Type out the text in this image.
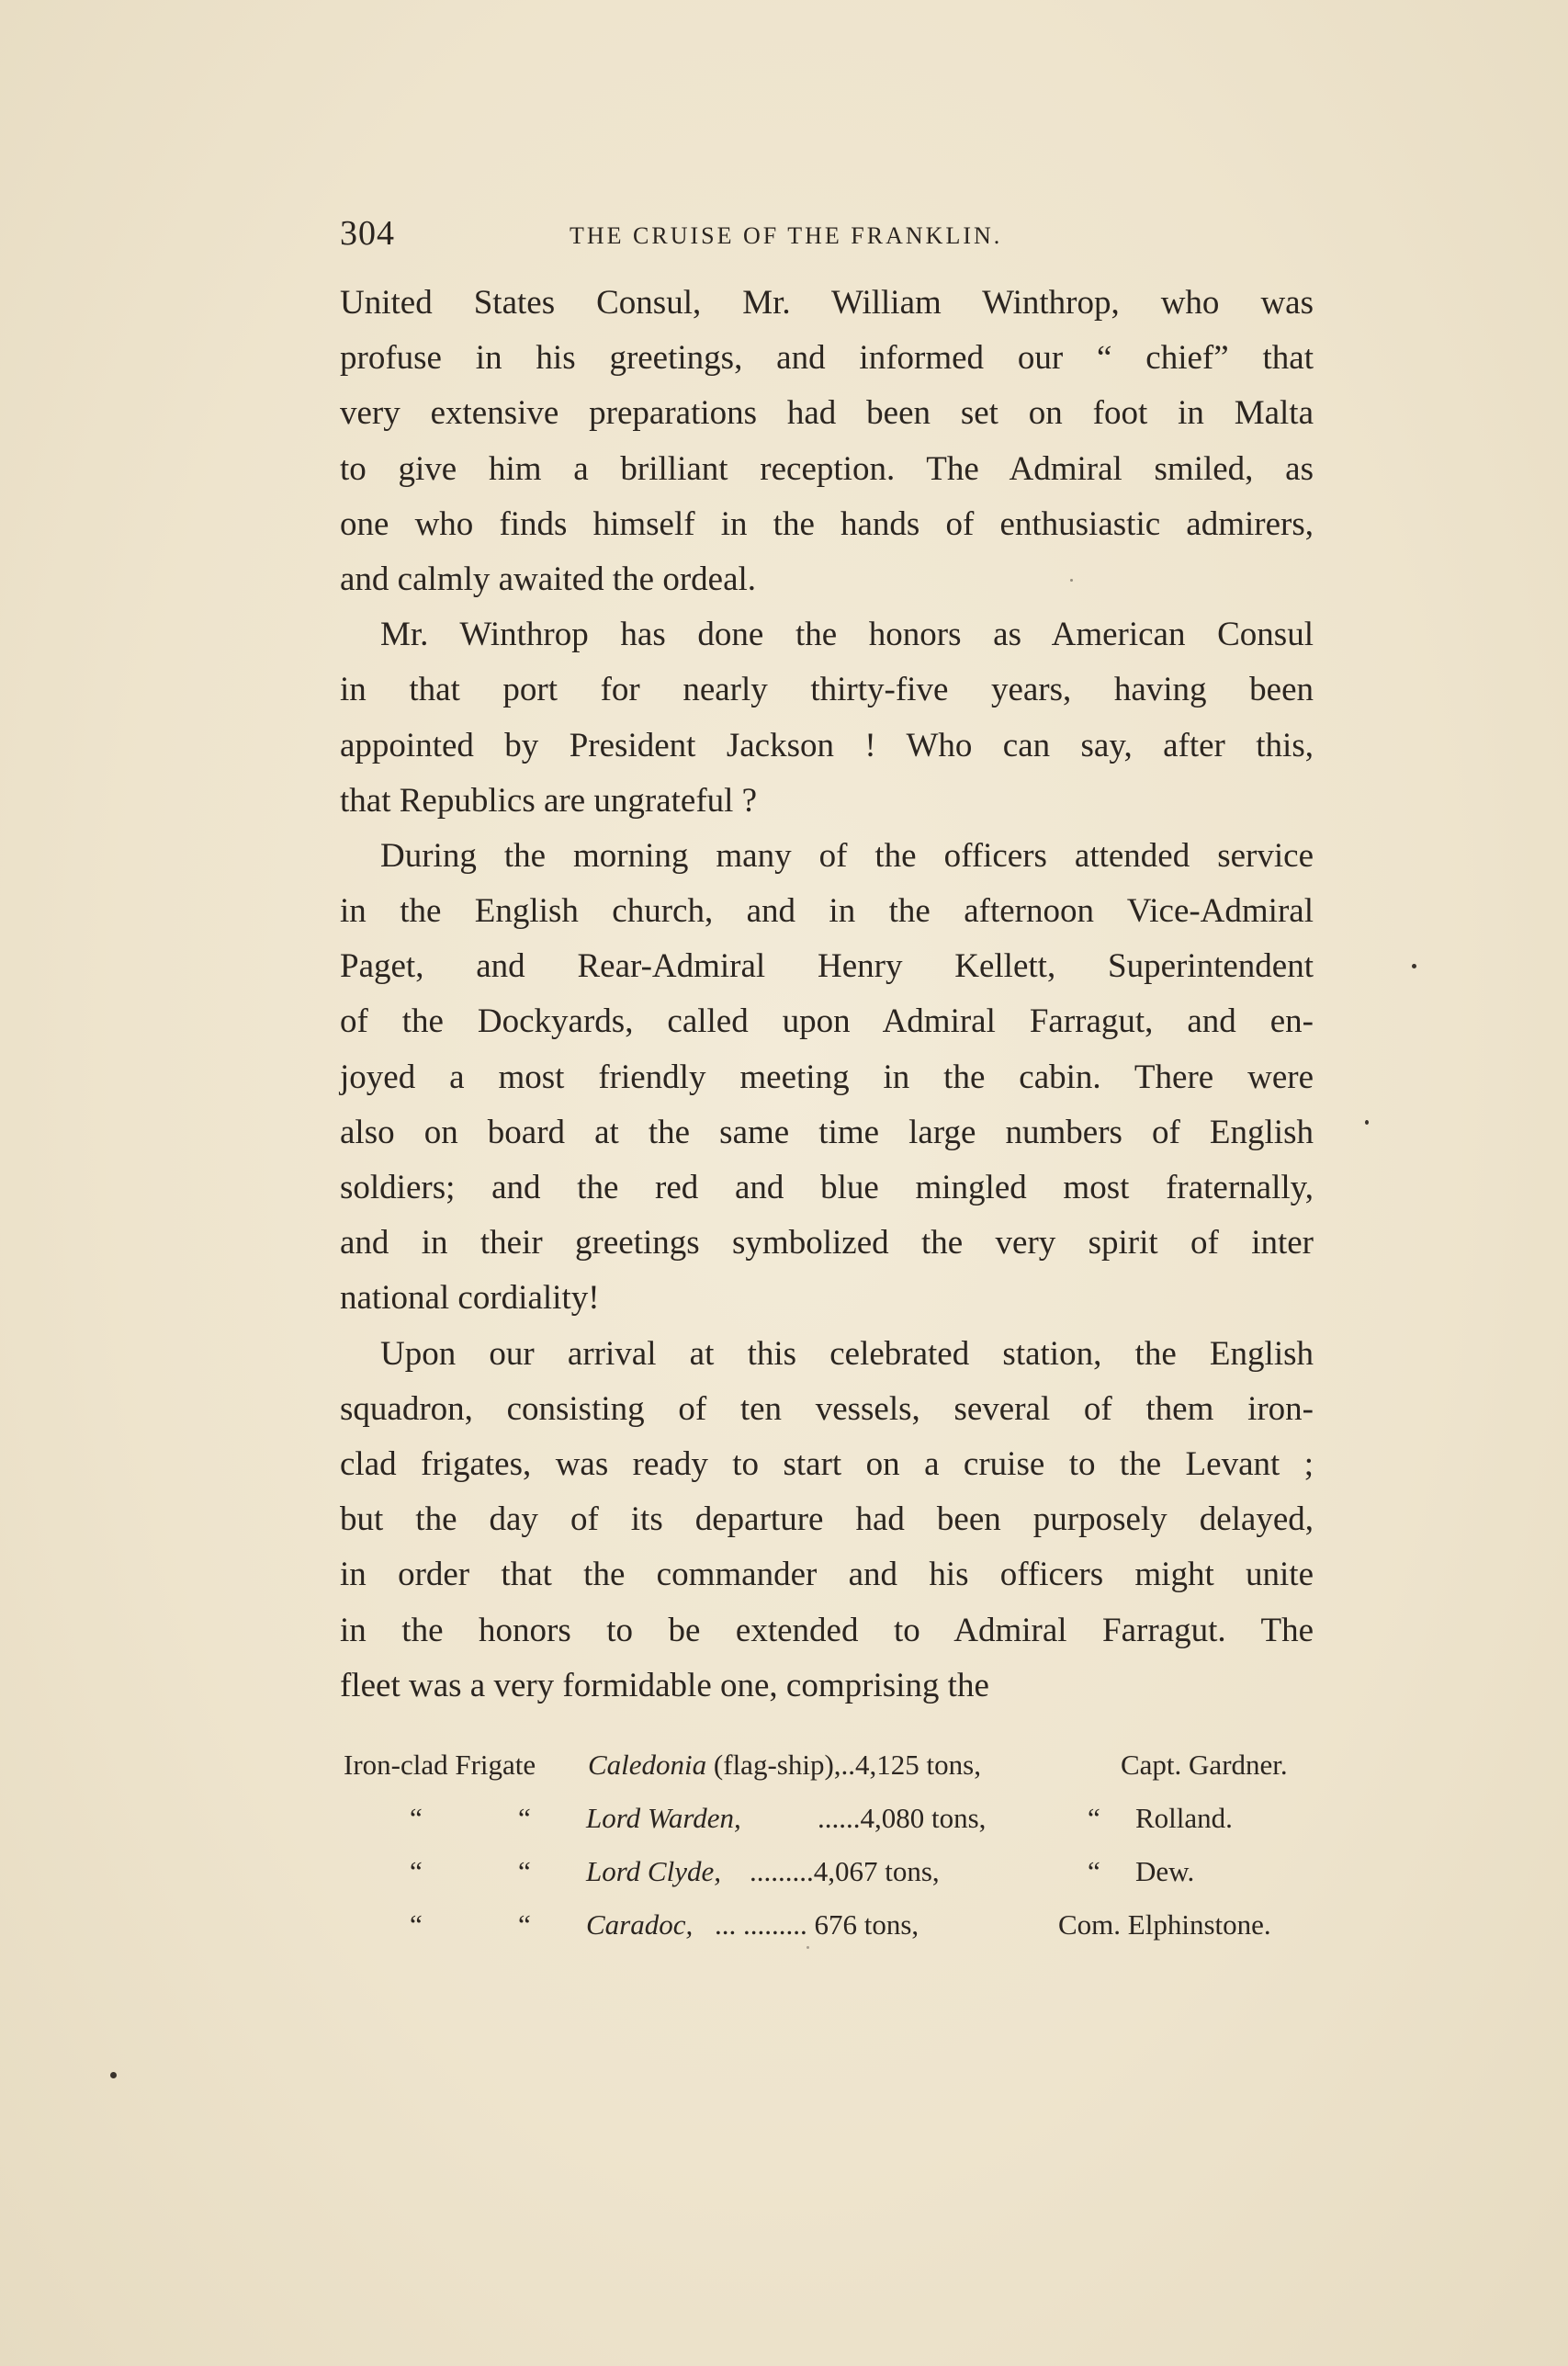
304	THE CRUISE OF THE FRANKLIN.
United States Consul, Mr. William Winthrop, who was
profuse in his greetings, and informed our “ chief” that
very extensive preparations had been set on foot in Malta
to give him a brilliant reception. The Admiral smiled, as
one who finds himself in the hands of enthusiastic admirers,
and calmly awaited the ordeal.
Mr. Winthrop has done the honors as American Consul
in that port for nearly thirty-five years, having been
appointed by President Jackson ! Who can say, after this,
that Republics are ungrateful ?
During the morning many of the officers attended service
in the English church, and in the afternoon Vice-Admiral
Paget, and Rear-Admiral Henry Kellett, Superintendent
of the Dockyards, called upon Admiral Farragut, and en-
joyed a most friendly meeting in the cabin. There were
also on board at the same time large numbers of English
soldiers; and the red and blue mingled most fraternally,
and in their greetings symbolized the very spirit of inter
national cordiality!
Upon our arrival at this celebrated station, the English
squadron, consisting of ten vessels, several of them iron-
clad frigates, was ready to start on a cruise to the Levant ;
but the day of its departure had been purposely delayed,
in order that the commander and his officers might unite
in the honors to be extended to Admiral Farragut. The
fleet was a very formidable one, comprising the
Iron-clad Frigate Caledonia (flag-ship),..4,125 tons,	Capt. Gardner.
“	“ Lord Warden,	......4,080 tons,	“ Rolland.
“	“ Lord Clyde, .........4,067 tons,	“ Dew.
“	“ Caradoc, ... ......... 676 tons,	Com. Elphinstone.
